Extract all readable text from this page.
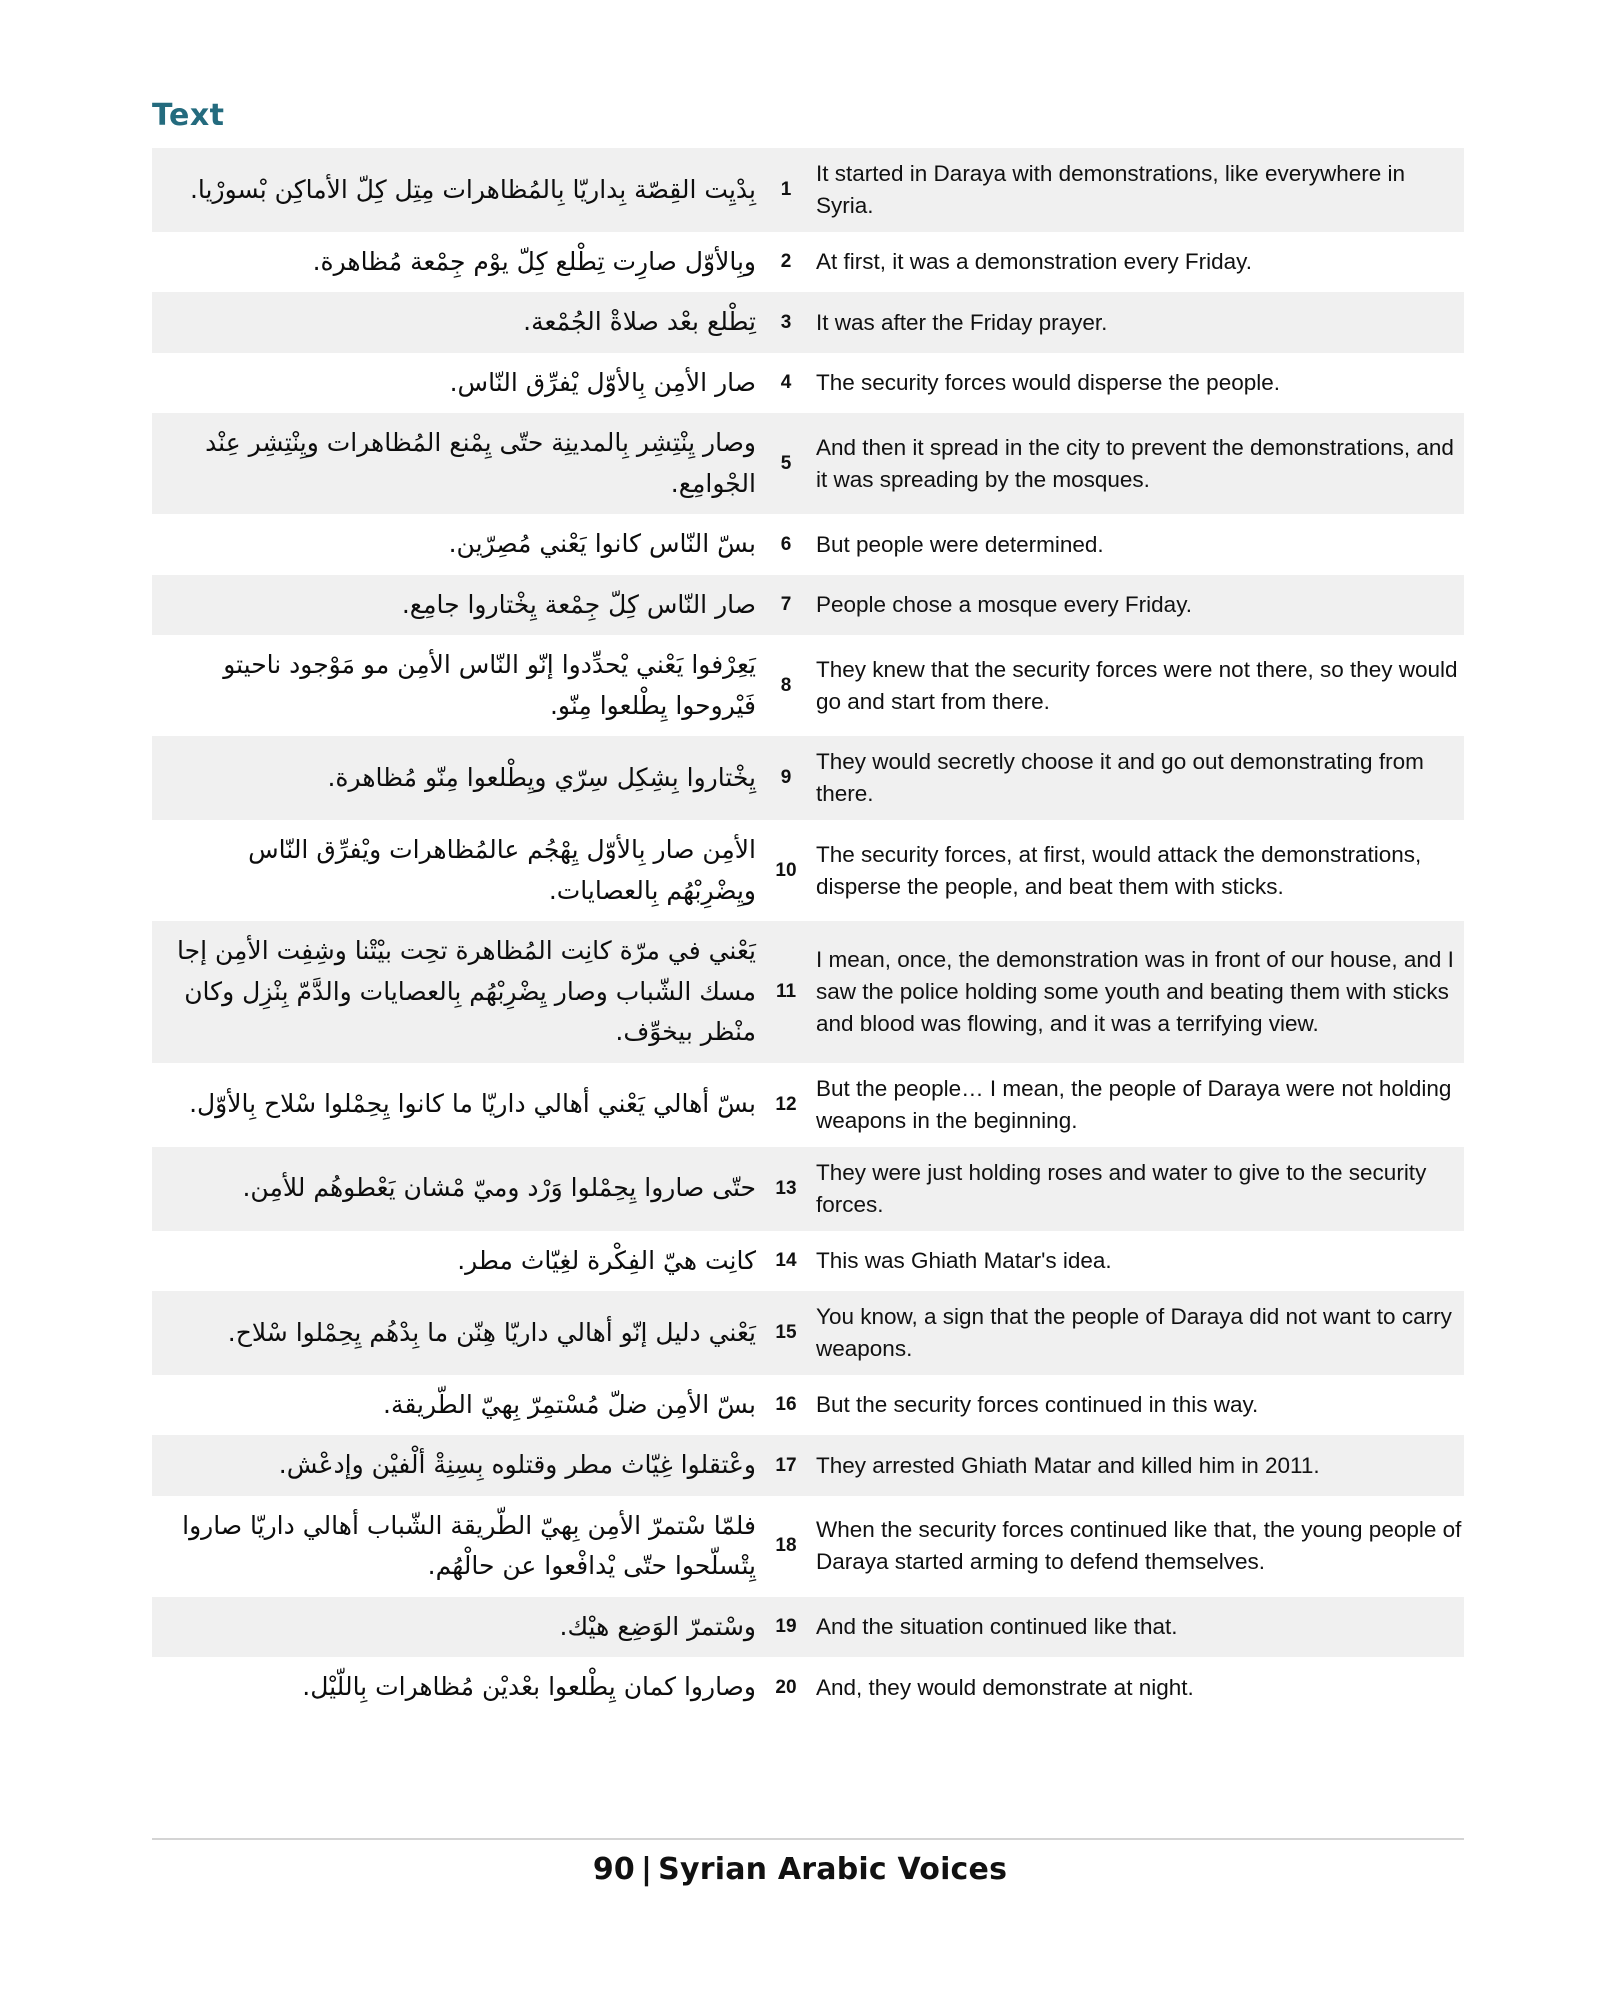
Text
بِدْيِت القِصّة بِداريّا بِالمُظاهرات مِتِل كِلّ الأماكِن بْسورْيا.	1	It started in Daraya with demonstrations, like everywhere in Syria.
وبِالأوّل صارِت تِطْلع كِلّ يوْم جِمْعة مُظاهرة.	2	At first, it was a demonstration every Friday.
تِطْلع بعْد صلاةْ الجُمْعة.	3	It was after the Friday prayer.
صار الأمِن بِالأوّل يْفرِّق النّاس.	4	The security forces would disperse the people.
وصار يِنْتِشِر بِالمدينِة حتّى يِمْنع المُظاهرات ويِنْتِشِر عِنْد الجْوامِع.	5	And then it spread in the city to prevent the demonstrations, and it was spreading by the mosques.
بسّ النّاس كانوا يَعْني مُصِرّين.	6	But people were determined.
صار النّاس كِلّ جِمْعة يِخْتاروا جامِع.	7	People chose a mosque every Friday.
يَعِرْفوا يَعْني يْحدِّدوا إنّو النّاس الأمِن مو مَوْجود ناحيتو فَيْروحوا يِطْلعوا مِنّو.	8	They knew that the security forces were not there, so they would go and start from there.
يِخْتاروا بِشِكِل سِرّي ويِطْلعوا مِنّو مُظاهرة.	9	They would secretly choose it and go out demonstrating from there.
الأمِن صار بِالأوّل يِهْجُم عالمُظاهرات ويْفرِّق النّاس ويِضْرِبْهُم بِالعصايات.	10	The security forces, at first, would attack the demonstrations, disperse the people, and beat them with sticks.
يَعْني في مرّة كانِت المُظاهرة تحِت بيْتْنا وشِفِت الأمِن إجا مسك الشّباب وصار يِضْرِبْهُم بِالعصايات والدَّمّ بِنْزِل وكان منْظر بيخوِّف.	11	I mean, once, the demonstration was in front of our house, and I saw the police holding some youth and beating them with sticks and blood was flowing, and it was a terrifying view.
بسّ أهالي يَعْني أهالي داريّا ما كانوا يِحِمْلوا سْلاح بِالأوّل.	12	But the people… I mean, the people of Daraya were not holding weapons in the beginning.
حتّى صاروا يِحِمْلوا وَرْد وميّ مْشان يَعْطوهُم للأمِن.	13	They were just holding roses and water to give to the security forces.
كانِت هيّ الفِكْرة لغِيّاث مطر.	14	This was Ghiath Matar's idea.
يَعْني دليل إنّو أهالي داريّا هِنّن ما بِدْهُم يِحِمْلوا سْلاح.	15	You know, a sign that the people of Daraya did not want to carry weapons.
بسّ الأمِن ضلّ مُسْتمِرّ بِهيّ الطّريقة.	16	But the security forces continued in this way.
وعْتقلوا غِيّاث مطر وقتلوه بِسِنِةْ ألْفيْن وإدعْش.	17	They arrested Ghiath Matar and killed him in 2011.
فلمّا سْتمرّ الأمِن بِهيّ الطّريقة الشّباب أهالي داريّا صاروا يِتْسلّحوا حتّى يْدافْعوا عن حالْهُم.	18	When the security forces continued like that, the young people of Daraya started arming to defend themselves.
وسْتمرّ الوَضِع هيْك.	19	And the situation continued like that.
وصاروا كمان يِطْلعوا بعْديْن مُظاهرات بِاللّيْل.	20	And, they would demonstrate at night.
90 | Syrian Arabic Voices
